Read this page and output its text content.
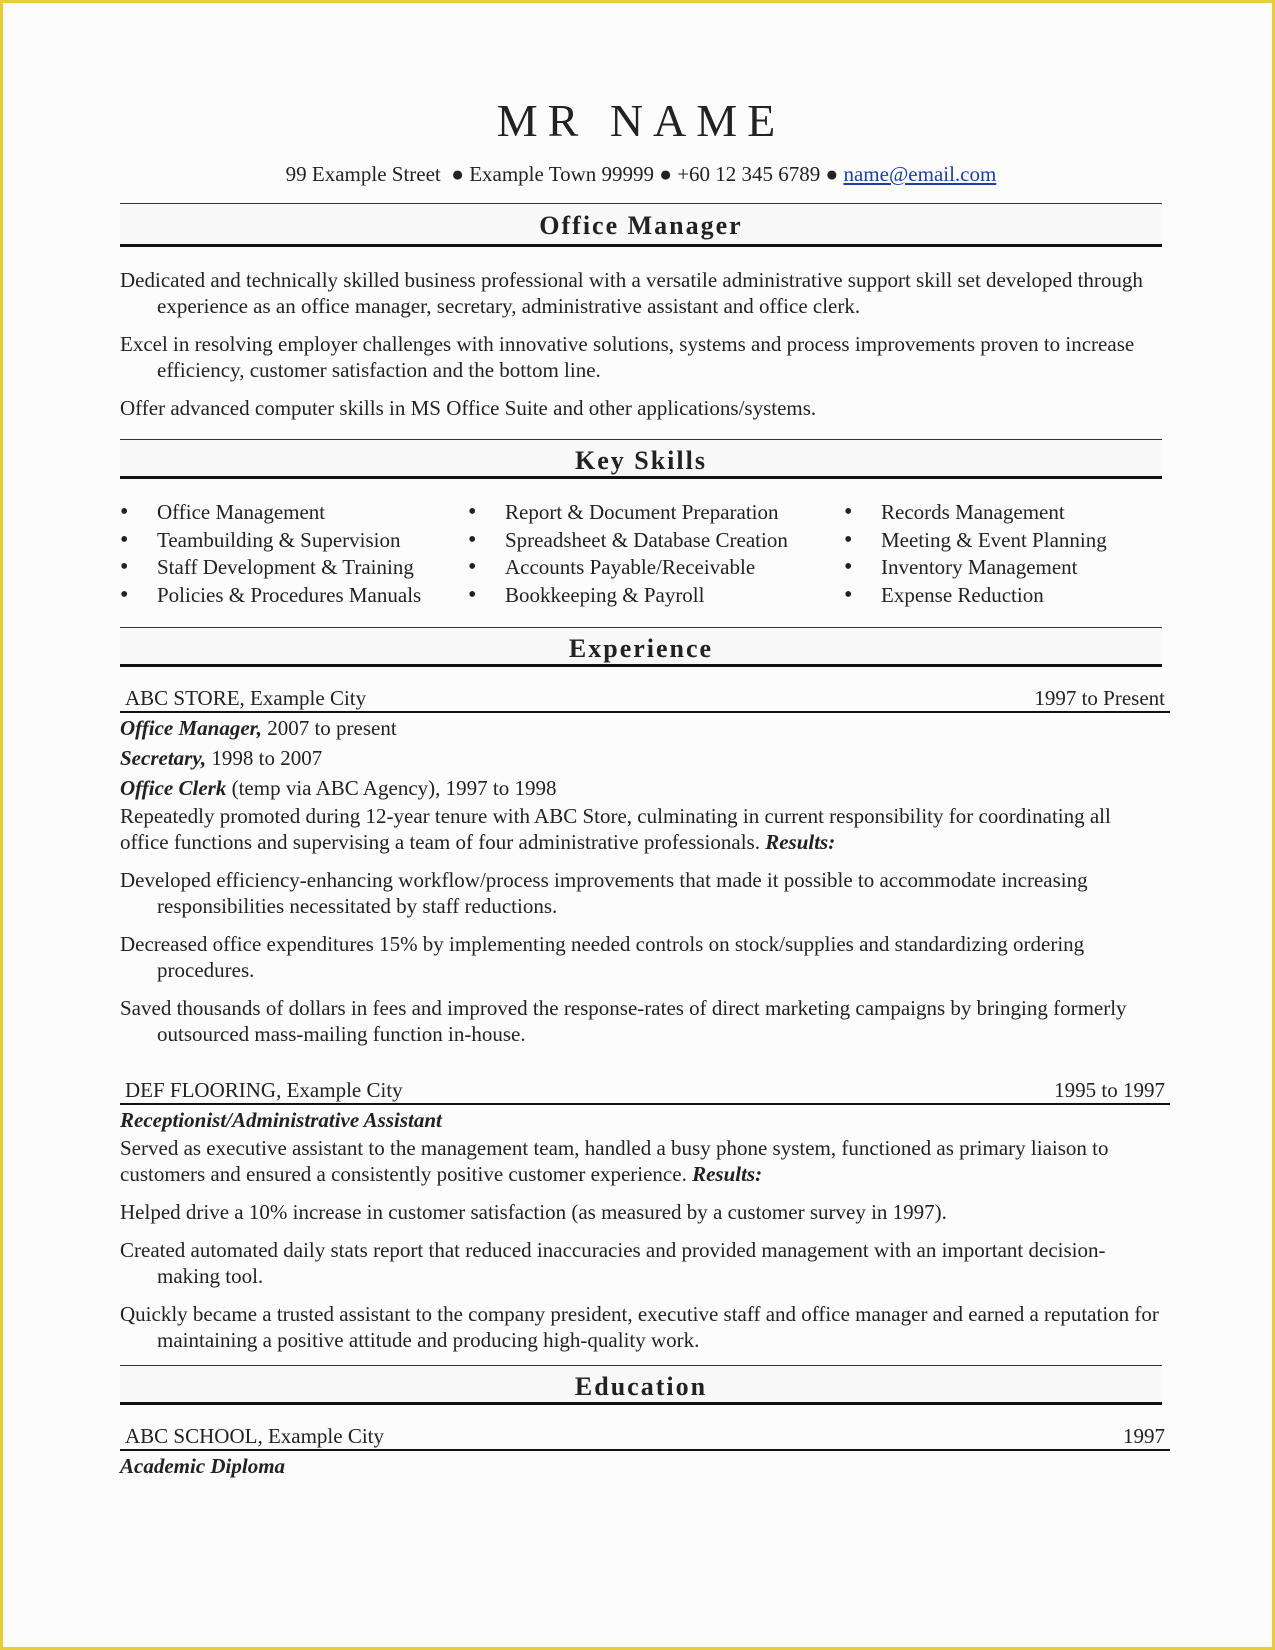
MR NAME
99 Example Street  ● Example Town 99999 ● +60 12 345 6789 ● name@email.com
Office Manager

Dedicated and technically skilled business professional with a versatile administrative support skill set developed through experience as an office manager, secretary, administrative assistant and office clerk.

Excel in resolving employer challenges with innovative solutions, systems and process improvements proven to increase efficiency, customer satisfaction and the bottom line.

Offer advanced computer skills in MS Office Suite and other applications/systems.

Key Skills
• Office Management
• Teambuilding & Supervision
• Staff Development & Training
• Policies & Procedures Manuals
• Report & Document Preparation
• Spreadsheet & Database Creation
• Accounts Payable/Receivable
• Bookkeeping & Payroll
• Records Management
• Meeting & Event Planning
• Inventory Management
• Expense Reduction
Experience
ABC STORE, Example City	1997 to Present

Office Manager, 2007 to present

Secretary, 1998 to 2007

Office Clerk (temp via ABC Agency), 1997 to 1998

Repeatedly promoted during 12-year tenure with ABC Store, culminating in current responsibility for coordinating all office functions and supervising a team of four administrative professionals. Results:

Developed efficiency-enhancing workflow/process improvements that made it possible to accommodate increasing responsibilities necessitated by staff reductions.

Decreased office expenditures 15% by implementing needed controls on stock/supplies and standardizing ordering procedures.

Saved thousands of dollars in fees and improved the response-rates of direct marketing campaigns by bringing formerly outsourced mass-mailing function in-house.

DEF FLOORING, Example City	1995 to 1997

Receptionist/Administrative Assistant

Served as executive assistant to the management team, handled a busy phone system, functioned as primary liaison to customers and ensured a consistently positive customer experience. Results:

Helped drive a 10% increase in customer satisfaction (as measured by a customer survey in 1997).

Created automated daily stats report that reduced inaccuracies and provided management with an important decision-making tool.

Quickly became a trusted assistant to the company president, executive staff and office manager and earned a reputation for maintaining a positive attitude and producing high-quality work.

Education
ABC SCHOOL, Example City	1997

Academic Diploma
